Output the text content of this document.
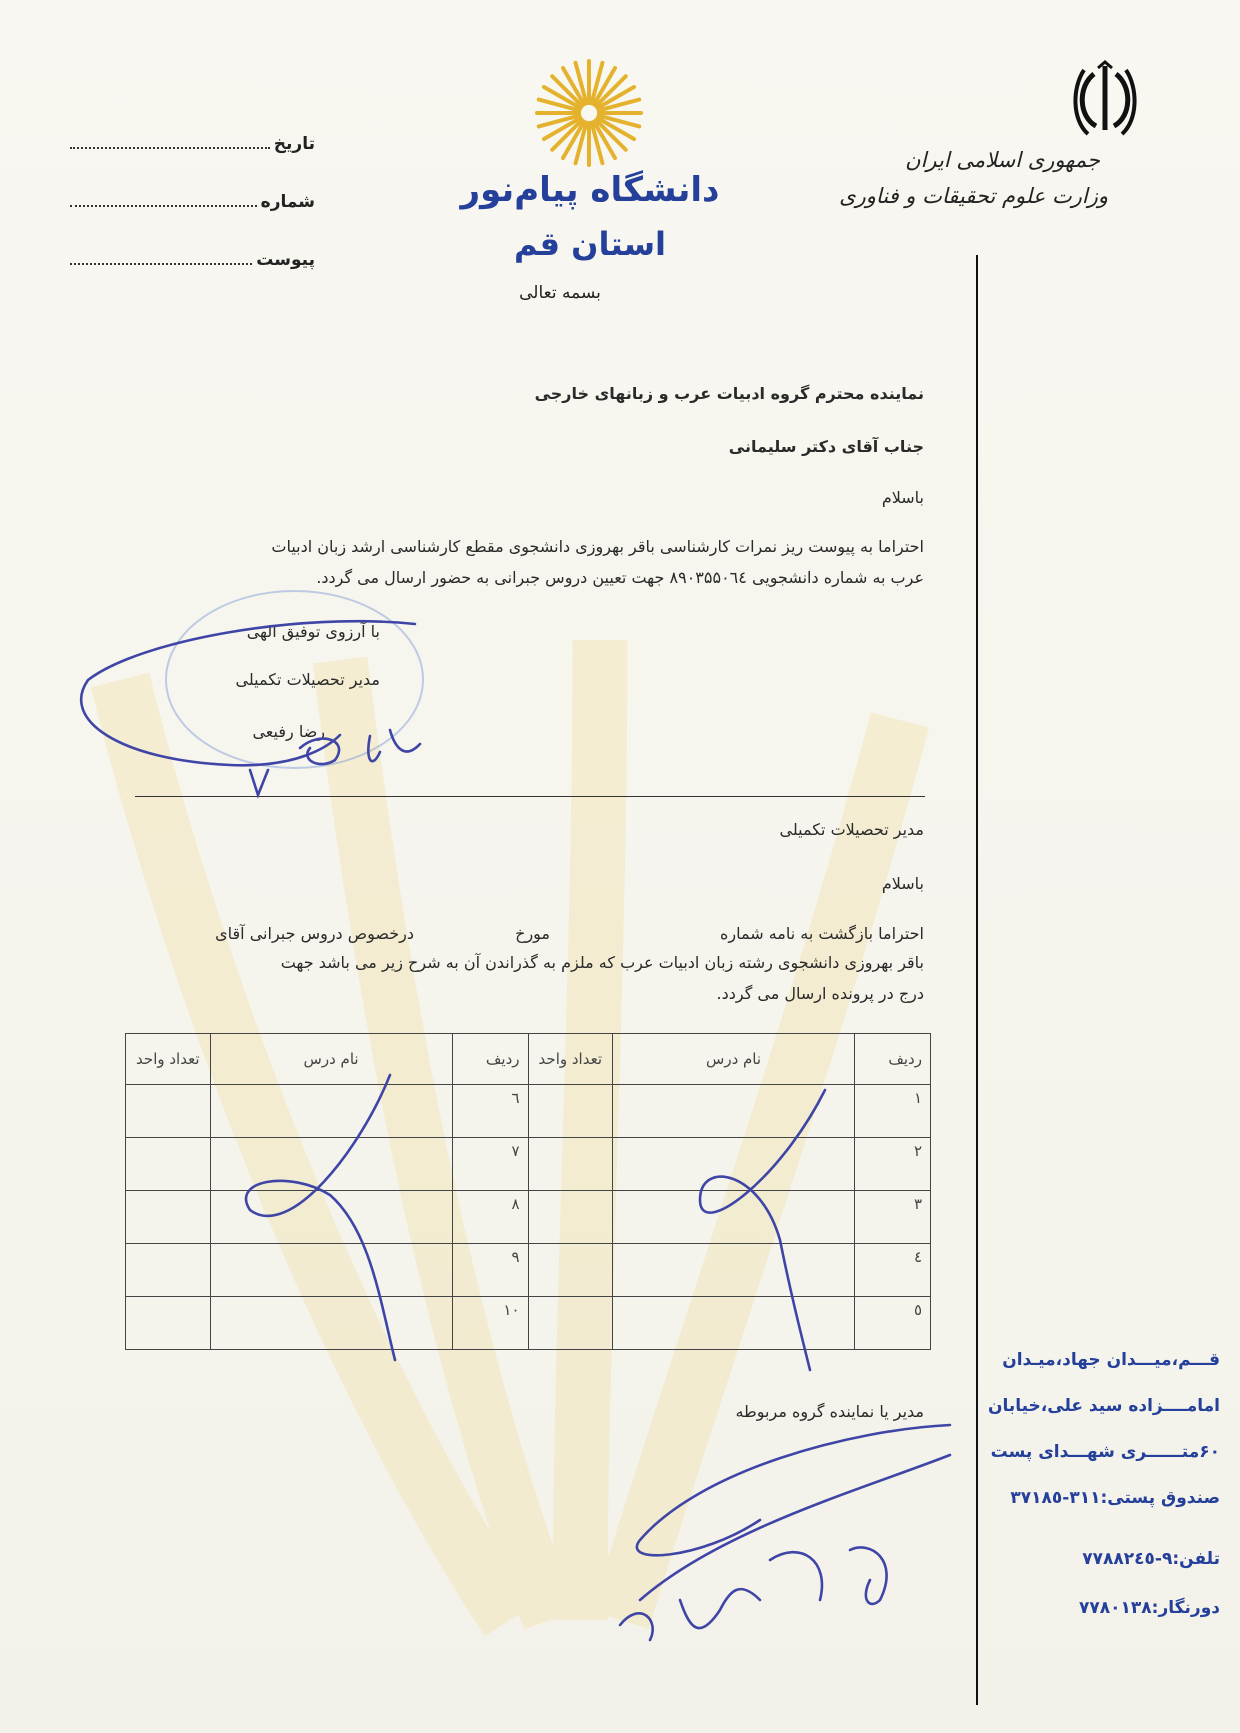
جمهوری اسلامی ایران
وزارت علوم تحقیقات و فناوری
دانشگاه پیام‌نور
استان قم
بسمه تعالی
تاریخ
شماره
پیوست
نماینده محترم گروه ادبیات عرب و زبانهای خارجی
جناب آقای دکتر سلیمانی
باسلام
احتراما به پیوست ریز نمرات کارشناسی باقر بهروزی دانشجوی مقطع کارشناسی ارشد زبان ادبیات
عرب به شماره دانشجویی ۸۹۰۳۵۵۰٦٤ جهت تعیین دروس جبرانی به حضور ارسال می گردد.
با آرزوی توفیق الهی
مدیر تحصیلات تکمیلی
رضا رفیعی
مدیر تحصیلات تکمیلی
باسلام
احتراما بازگشت به نامه شماره
مورخ
درخصوص دروس جبرانی آقای
باقر بهروزی دانشجوی رشته زبان ادبیات عرب که ملزم به گذراندن آن به شرح زیر می باشد جهت
درج در پرونده ارسال می گردد.
ردیف	نام درس	تعداد واحد	ردیف	نام درس	تعداد واحد
۱			٦		
۲			۷		
۳			۸		
٤			۹		
٥			۱۰		
مدیر یا نماینده گروه مربوطه
قـــم،میـــدان جهاد،میـدان
امامــــزاده سید علی،خیابان
۶۰متــــــری شهـــدای پست
صندوق پستی:۳۱۱-۳۷۱۸٥
تلفن:۹-۷۷۸۸۲٤٥
دورنگار:۷۷۸۰۱۳۸
